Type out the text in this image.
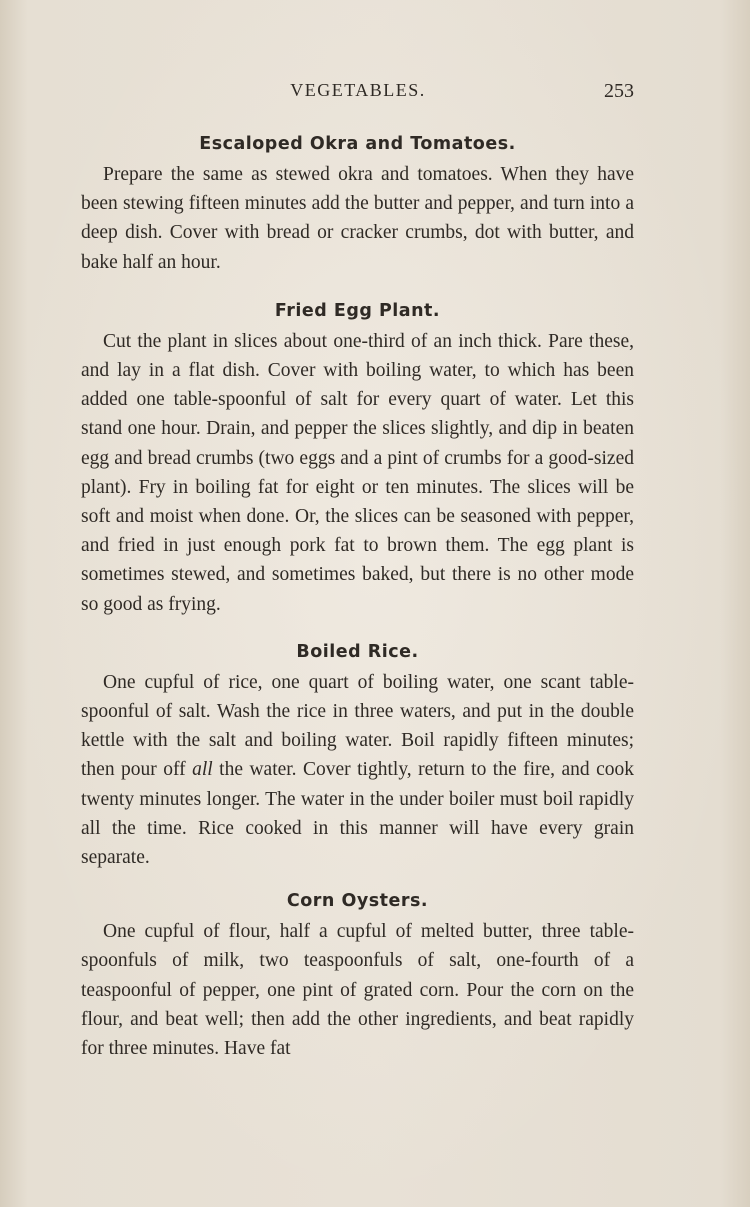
VEGETABLES.	253
Escaloped Okra and Tomatoes.

Prepare the same as stewed okra and tomatoes. When they have been stewing fifteen minutes add the butter and pepper, and turn into a deep dish. Cover with bread or cracker crumbs, dot with butter, and bake half an hour.

Fried Egg Plant.

Cut the plant in slices about one-third of an inch thick. Pare these, and lay in a flat dish. Cover with boiling water, to which has been added one table-spoonful of salt for every quart of water. Let this stand one hour. Drain, and pepper the slices slightly, and dip in beaten egg and bread crumbs (two eggs and a pint of crumbs for a good-sized plant). Fry in boiling fat for eight or ten minutes. The slices will be soft and moist when done. Or, the slices can be seasoned with pepper, and fried in just enough pork fat to brown them. The egg plant is sometimes stewed, and sometimes baked, but there is no other mode so good as frying.

Boiled Rice.

One cupful of rice, one quart of boiling water, one scant table-spoonful of salt. Wash the rice in three waters, and put in the double kettle with the salt and boiling water. Boil rapidly fifteen minutes; then pour off all the water. Cover tightly, return to the fire, and cook twenty minutes longer. The water in the under boiler must boil rapidly all the time. Rice cooked in this manner will have every grain separate.

Corn Oysters.

One cupful of flour, half a cupful of melted butter, three table-spoonfuls of milk, two teaspoonfuls of salt, one-fourth of a teaspoonful of pepper, one pint of grated corn. Pour the corn on the flour, and beat well; then add the other ingredients, and beat rapidly for three minutes. Have fat
